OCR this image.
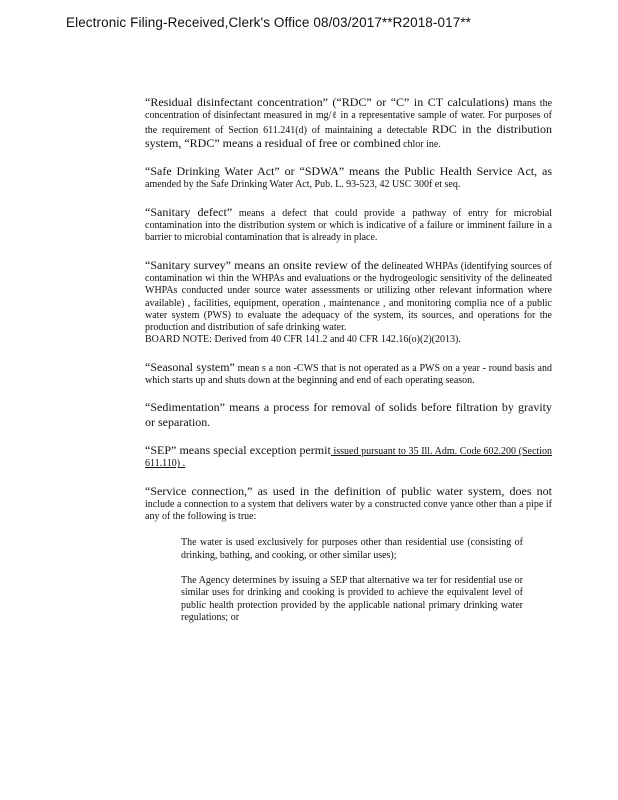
Electronic Filing-Received,Clerk's Office 08/03/2017**R2018-017**

“Residual disinfectant concentration” (“RDC” or “C” in CT calculations) mans the concentration of disinfectant measured in mg/ℓ in a representative sample of water. For purposes of the requirement of Section 611.241(d) of maintaining a detectable RDC in the distribution system, “RDC” means a residual of free or combined chlor ine.

“Safe Drinking Water Act” or “SDWA” means the Public Health Service Act, as amended by the Safe Drinking Water Act, Pub. L. 93-523, 42 USC 300f et seq.

“Sanitary defect” means a defect that could provide a pathway of entry for microbial contamination into the distribution system or which is indicative of a failure or imminent failure in a barrier to microbial contamination that is already in place.

“Sanitary survey” means an onsite review of the delineated WHPAs (identifying sources of contamination wi thin the WHPAs and evaluations or the hydrogeologic sensitivity of the delineated WHPAs conducted under source water assessments or utilizing other relevant information where available) , facilities, equipment, operation , maintenance , and monitoring complia nce of a public water system (PWS) to evaluate the adequacy of the system, its sources, and operations for the production and distribution of safe drinking water.
BOARD NOTE: Derived from 40 CFR 141.2 and 40 CFR 142.16(o)(2)(2013).

“Seasonal system” mean s a non -CWS that is not operated as a PWS on a year - round basis and which starts up and shuts down at the beginning and end of each operating season.

“Sedimentation” means a process for removal of solids before filtration by gravity or separation.

“SEP” means special exception permit issued pursuant to 35 Ill. Adm. Code 602.200 (Section 611.110) .

“Service connection,” as used in the definition of public water system, does not include a connection to a system that delivers water by a constructed conve yance other than a pipe if any of the following is true:

The water is used exclusively for purposes other than residential use (consisting of drinking, bathing, and cooking, or other similar uses);

The Agency determines by issuing a SEP that alternative wa ter for residential use or similar uses for drinking and cooking is provided to achieve the equivalent level of public health protection provided by the applicable national primary drinking water regulations; or
